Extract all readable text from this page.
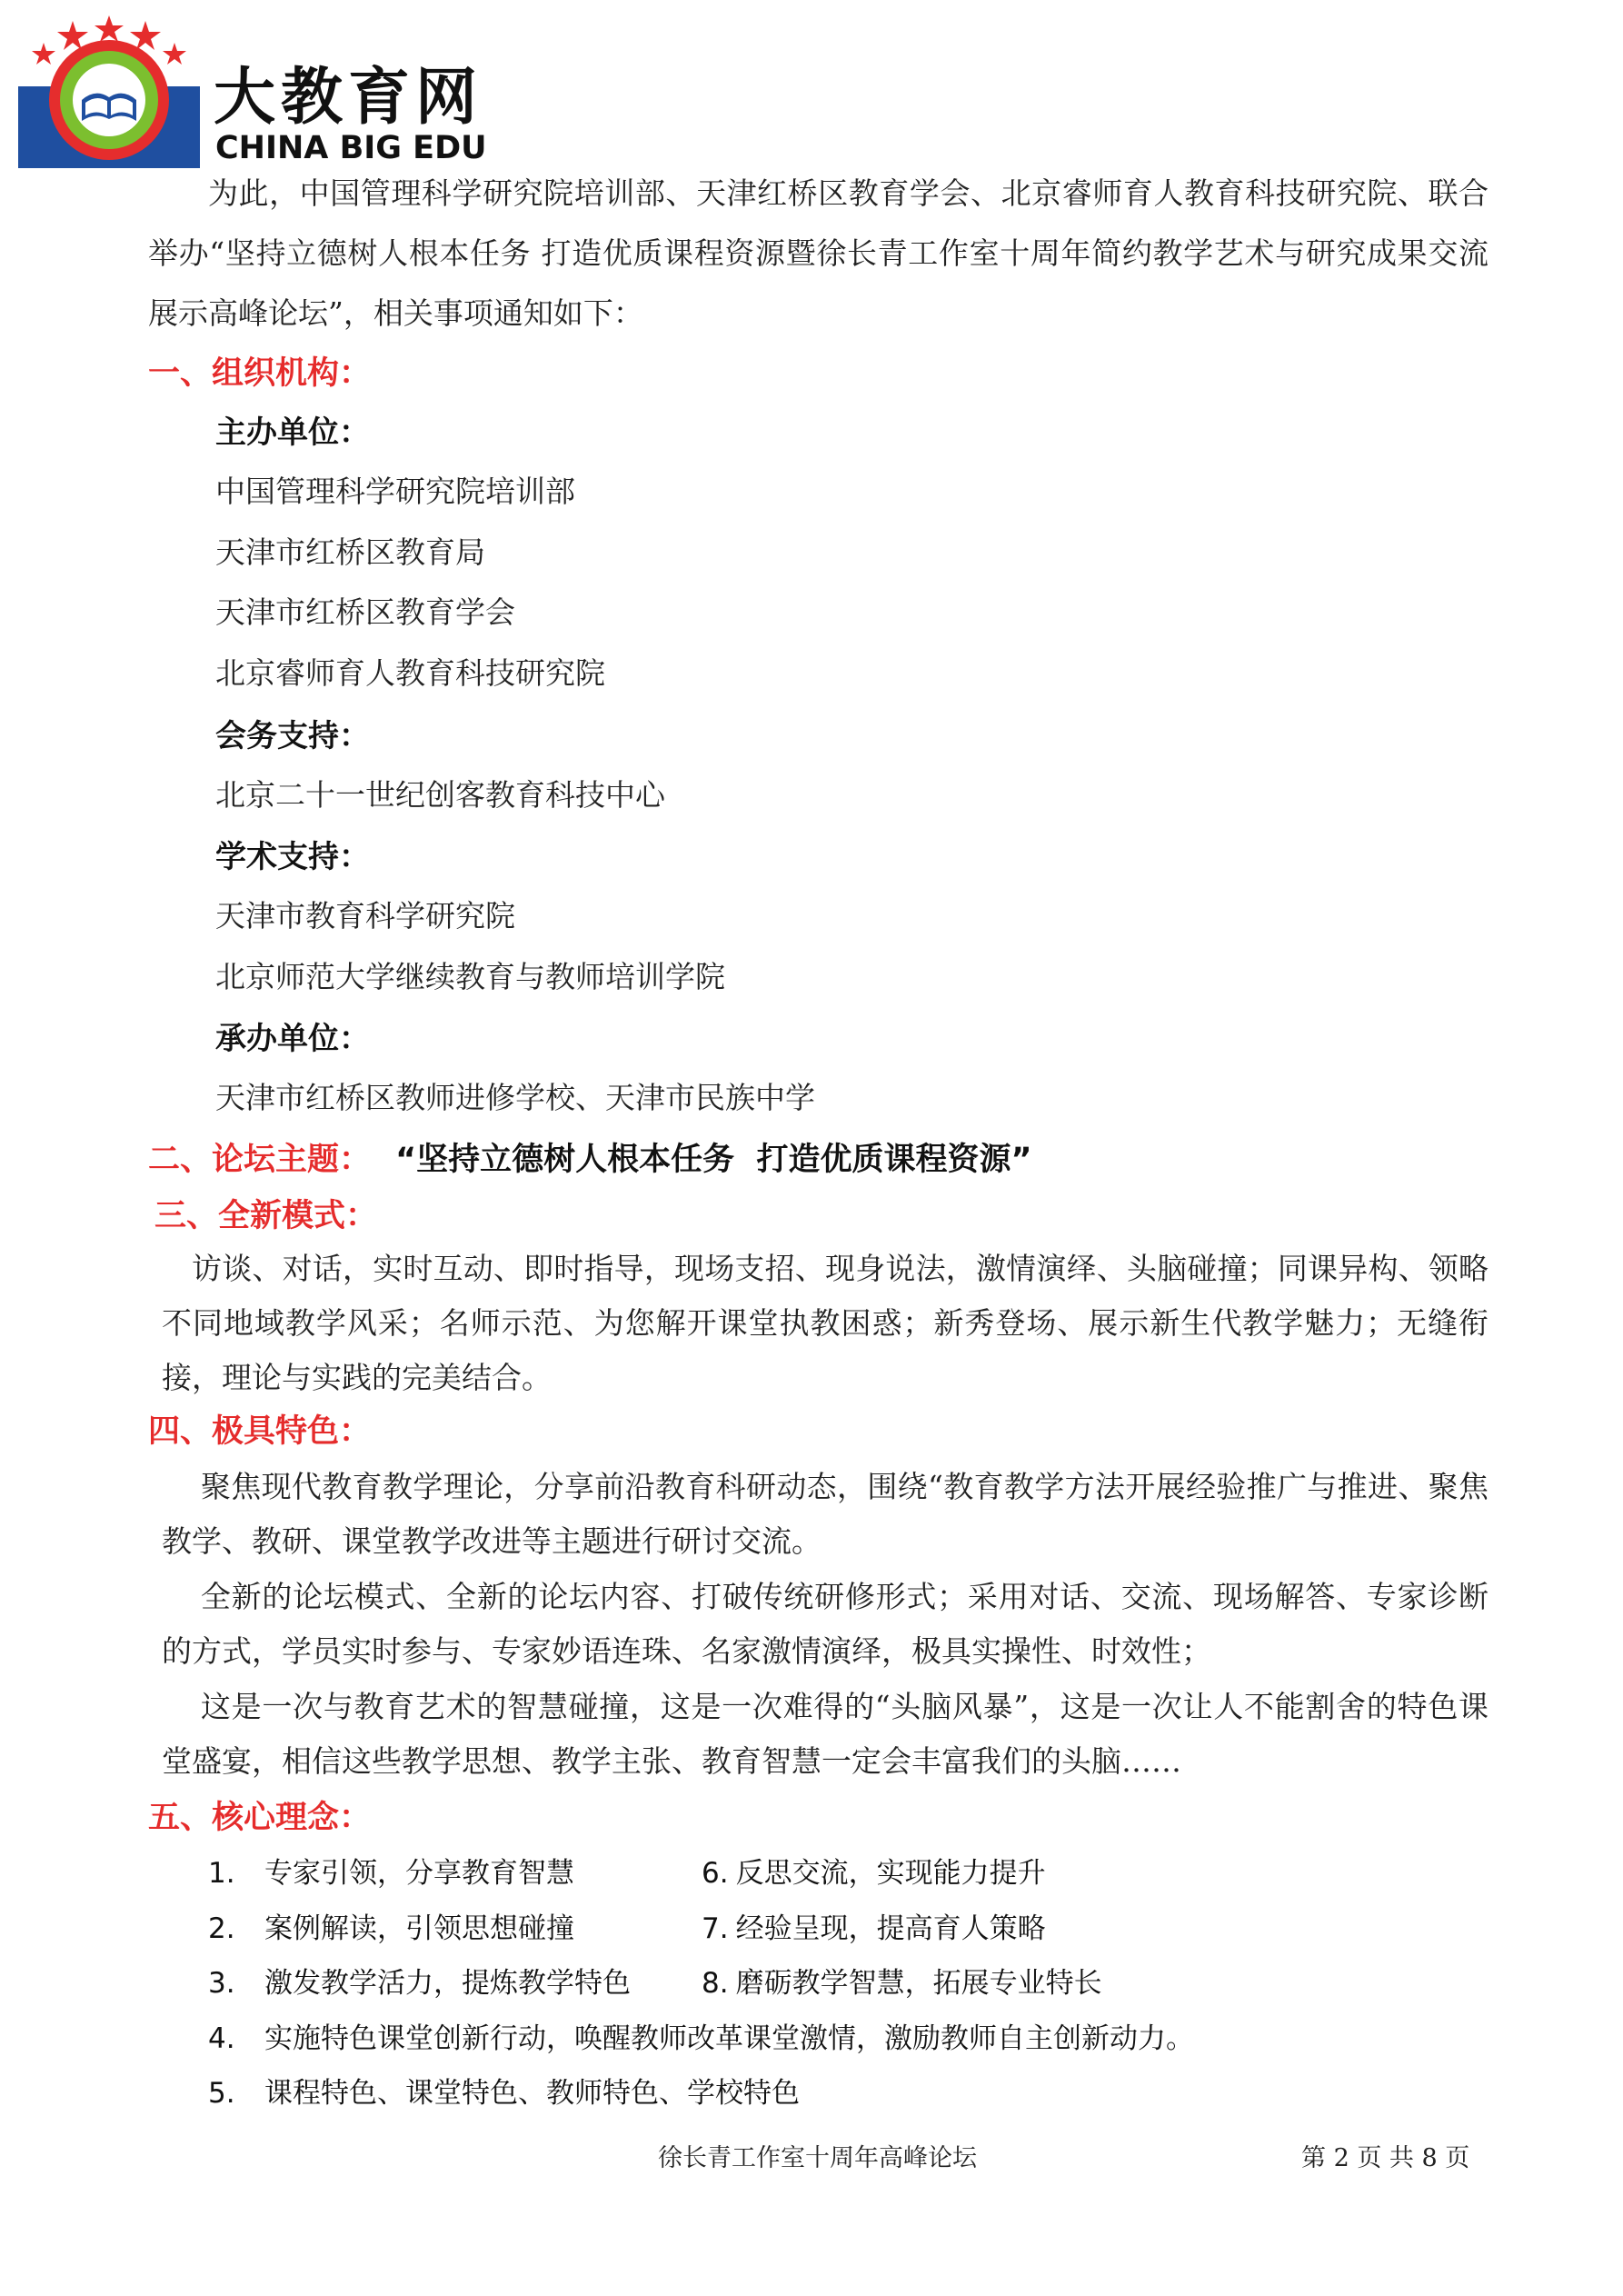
大教育网
CHINA BIG EDU
为此，中国管理科学研究院培训部、天津红桥区教育学会、北京睿师育人教育科技研究院、联合举办“坚持立德树人根本任务 打造优质课程资源暨徐长青工作室十周年简约教学艺术与研究成果交流展示高峰论坛”，相关事项通知如下：
一、组织机构：
主办单位：
中国管理科学研究院培训部
天津市红桥区教育局
天津市红桥区教育学会
北京睿师育人教育科技研究院
会务支持：
北京二十一世纪创客教育科技中心
学术支持：
天津市教育科学研究院
北京师范大学继续教育与教师培训学院
承办单位：
天津市红桥区教师进修学校、天津市民族中学
二、论坛主题： “坚持立德树人根本任务  打造优质课程资源”
三、全新模式：
访谈、对话，实时互动、即时指导，现场支招、现身说法，激情演绎、头脑碰撞；同课异构、领略不同地域教学风采；名师示范、为您解开课堂执教困惑；新秀登场、展示新生代教学魅力；无缝衔接，理论与实践的完美结合。
四、极具特色：
聚焦现代教育教学理论，分享前沿教育科研动态，围绕“教育教学方法开展经验推广与推进、聚焦教学、教研、课堂教学改进等主题进行研讨交流。
全新的论坛模式、全新的论坛内容、打破传统研修形式；采用对话、交流、现场解答、专家诊断的方式，学员实时参与、专家妙语连珠、名家激情演绎，极具实操性、时效性；
这是一次与教育艺术的智慧碰撞，这是一次难得的“头脑风暴”，这是一次让人不能割舍的特色课堂盛宴，相信这些教学思想、教学主张、教育智慧一定会丰富我们的头脑……
五、核心理念：
1. 专家引领，分享教育智慧
2. 案例解读，引领思想碰撞
3. 激发教学活力，提炼教学特色
4. 实施特色课堂创新行动，唤醒教师改革课堂激情，激励教师自主创新动力。
5. 课程特色、课堂特色、教师特色、学校特色
6. 反思交流，实现能力提升
7. 经验呈现，提高育人策略
8. 磨砺教学智慧，拓展专业特长
徐长青工作室十周年高峰论坛	第 2 页 共 8 页
